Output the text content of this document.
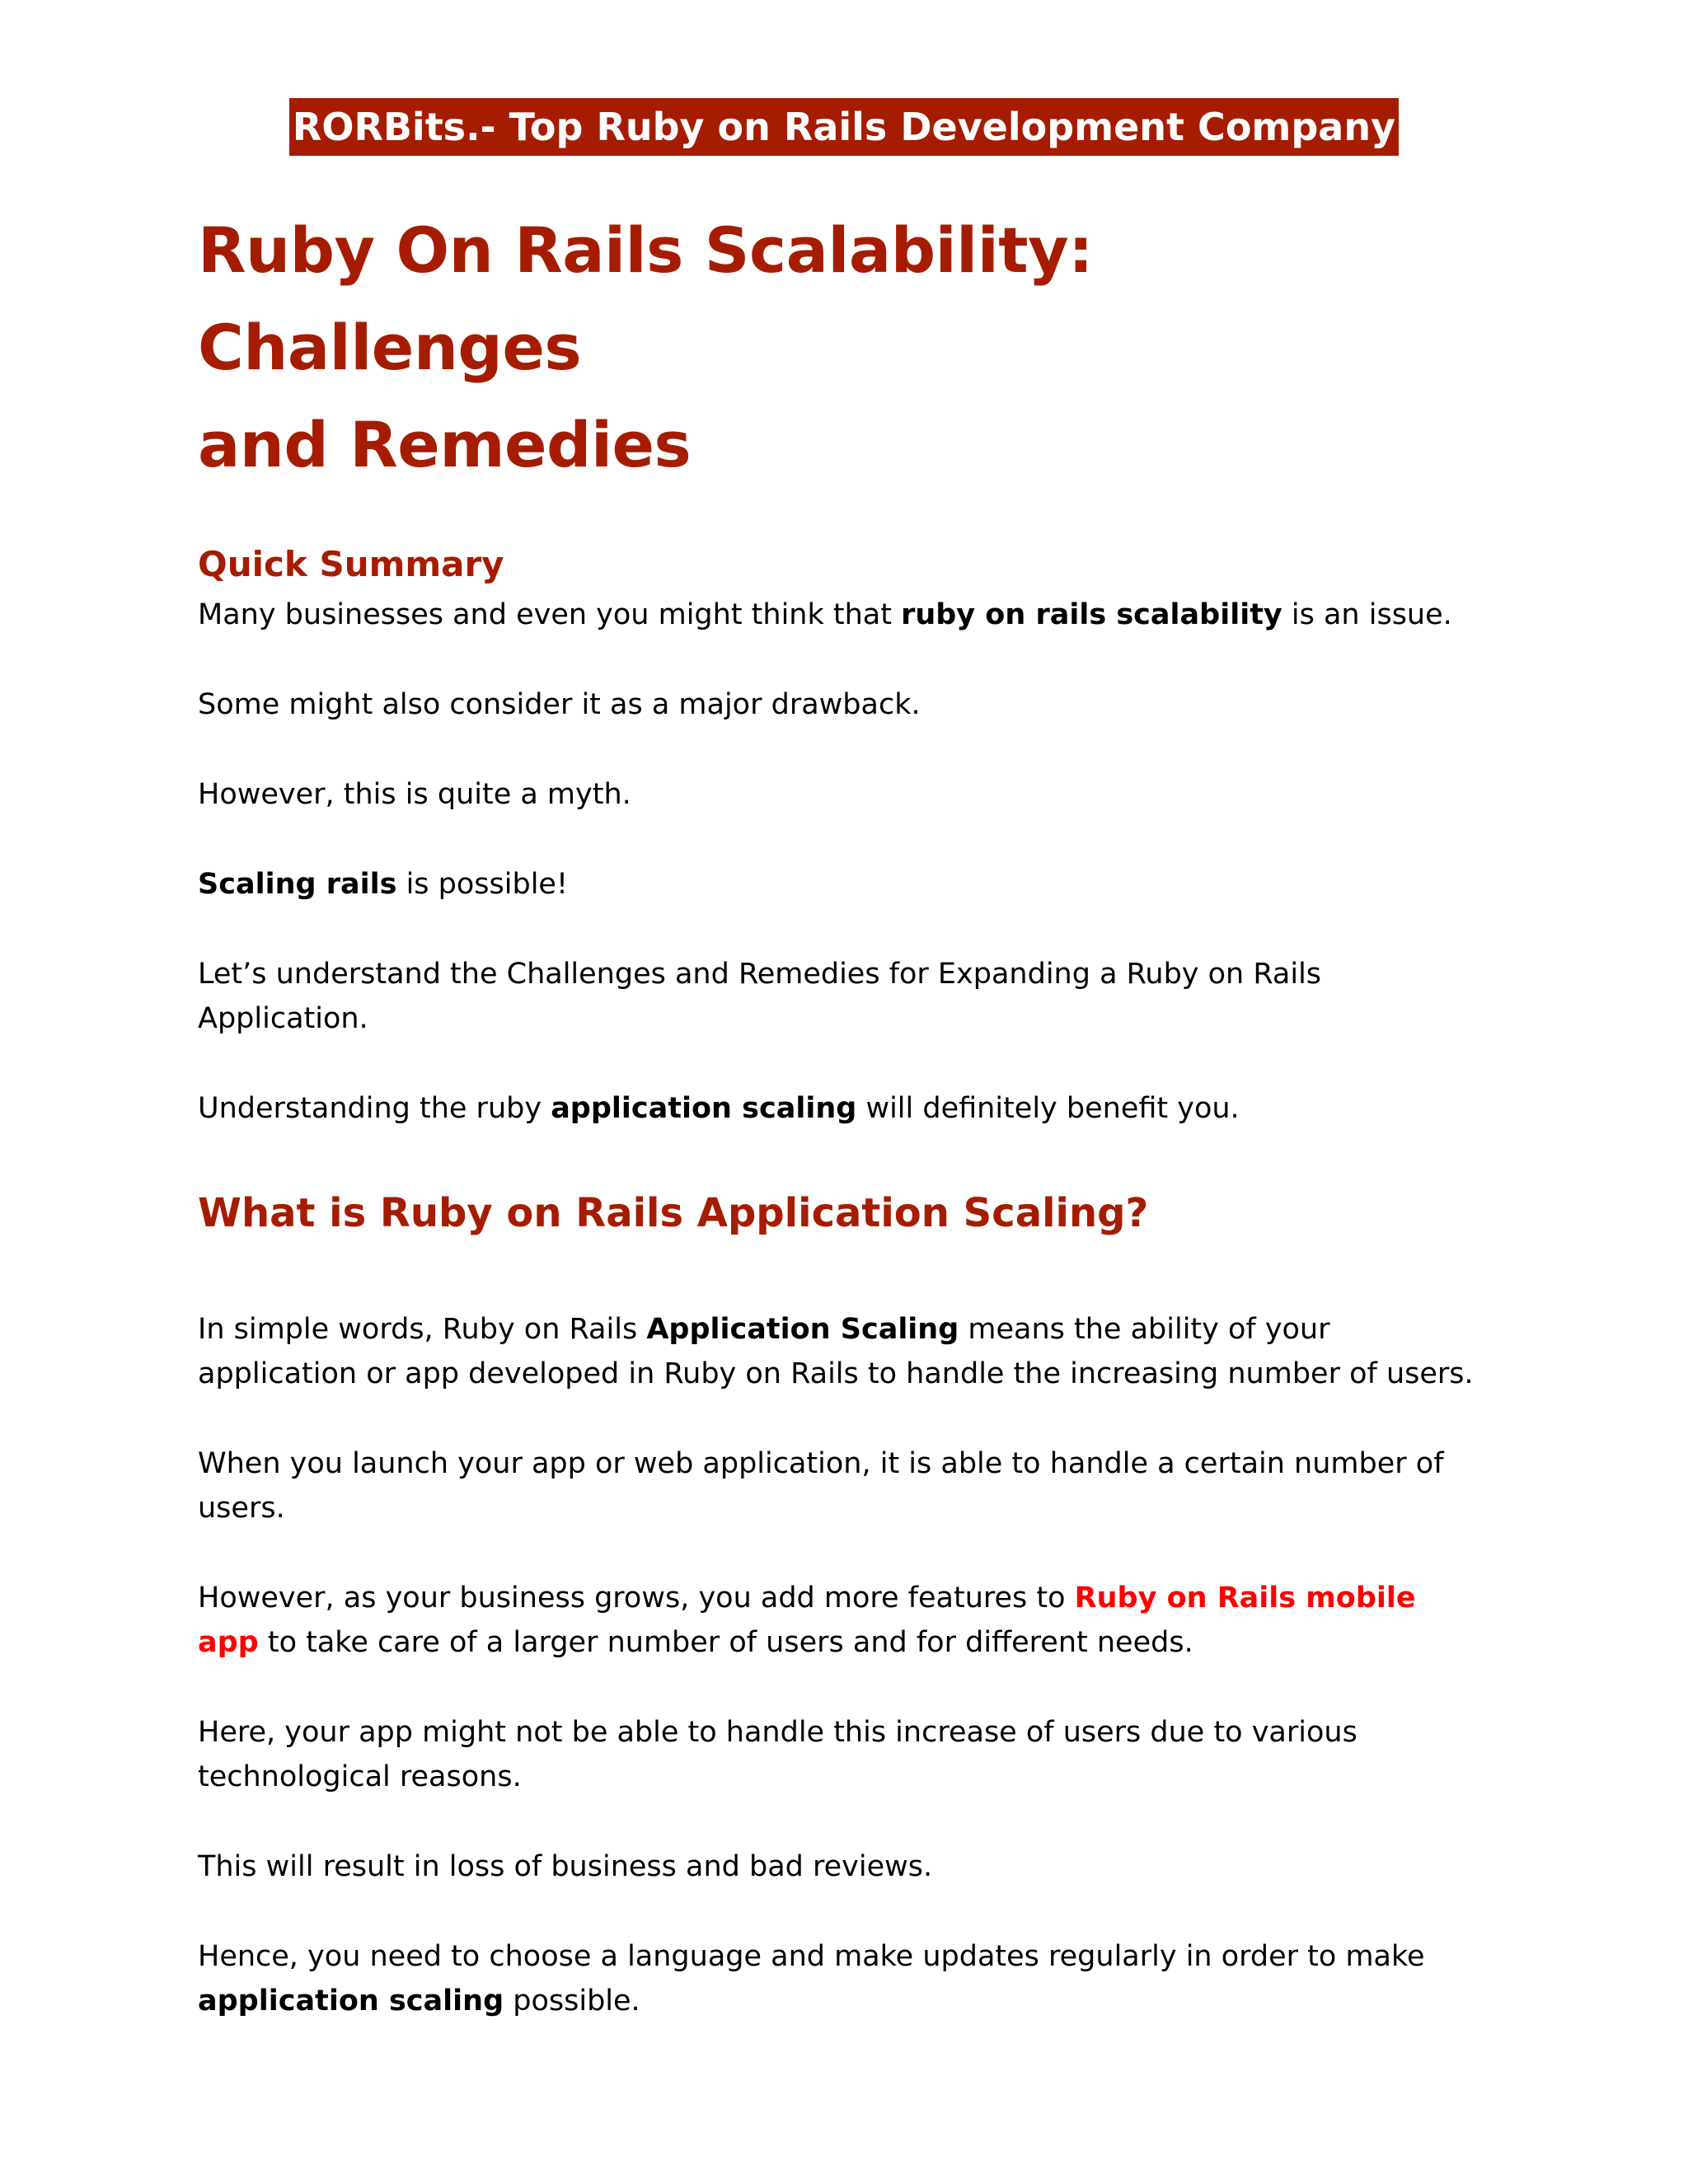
RORBits.- Top Ruby on Rails Development Company
Ruby On Rails Scalability: Challenges
and Remedies
Quick Summary

Many businesses and even you might think that ruby on rails scalability is an issue.

Some might also consider it as a major drawback.

However, this is quite a myth.

Scaling rails is possible!

Let’s understand the Challenges and Remedies for Expanding a Ruby on Rails Application.

Understanding the ruby application scaling will definitely benefit you.

What is Ruby on Rails Application Scaling?

In simple words, Ruby on Rails Application Scaling means the ability of your application or app developed in Ruby on Rails to handle the increasing number of users.

When you launch your app or web application, it is able to handle a certain number of users.

However, as your business grows, you add more features to Ruby on Rails mobile app to take care of a larger number of users and for different needs.

Here, your app might not be able to handle this increase of users due to various technological reasons.

This will result in loss of business and bad reviews.

Hence, you need to choose a language and make updates regularly in order to make application scaling possible.
